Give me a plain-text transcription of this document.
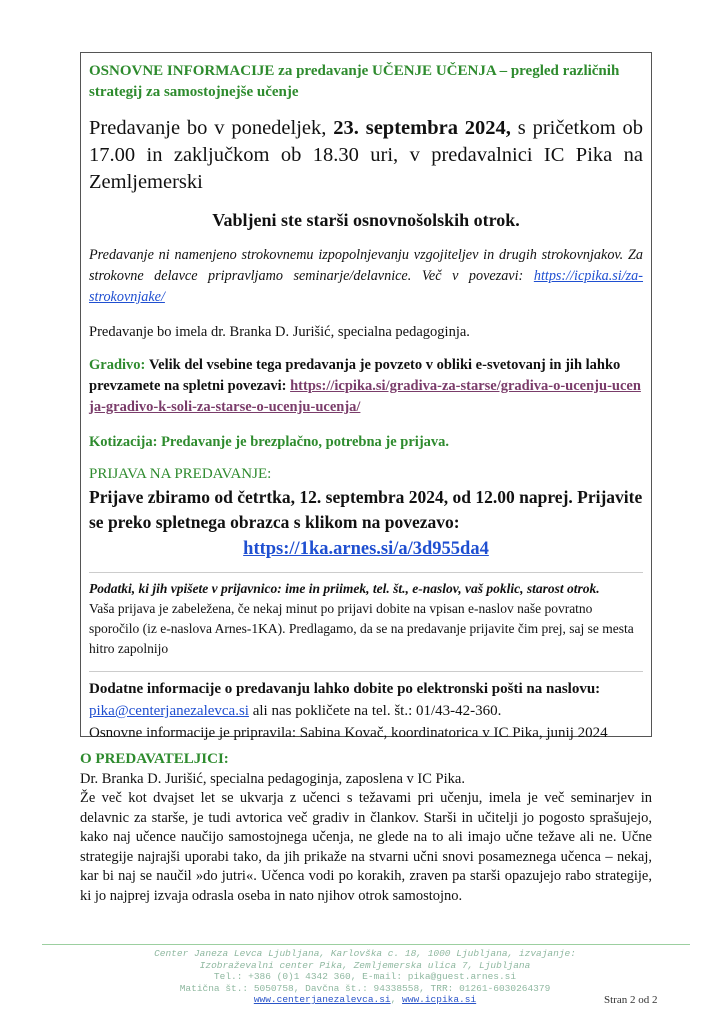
OSNOVNE INFORMACIJE za predavanje UČENJE UČENJA – pregled različnih strategij za samostojnejše učenje

Predavanje bo v ponedeljek, 23. septembra 2024, s pričetkom ob 17.00 in zaključkom ob 18.30 uri, v predavalnici IC Pika na Zemljemerski

Vabljeni ste starši osnovnošolskih otrok.

Predavanje ni namenjeno strokovnemu izpopolnjevanju vzgojiteljev in drugih strokovnjakov. Za strokovne delavce pripravljamo seminarje/delavnice. Več v povezavi: https://icpika.si/za-strokovnjake/

Predavanje bo imela dr. Branka D. Jurišić, specialna pedagoginja.

Gradivo: Velik del vsebine tega predavanja je povzeto v obliki e-svetovanj in jih lahko prevzamete na spletni povezavi: https://icpika.si/gradiva-za-starse/gradiva-o-ucenju-ucenja-gradivo-k-soli-za-starse-o-ucenju-ucenja/

Kotizacija: Predavanje je brezplačno, potrebna je prijava.

PRIJAVA NA PREDAVANJE:

Prijave zbiramo od četrtka, 12. septembra 2024, od 12.00 naprej. Prijavite se preko spletnega obrazca s klikom na povezavo:

https://1ka.arnes.si/a/3d955da4

Podatki, ki jih vpišete v prijavnico: ime in priimek, tel. št., e-naslov, vaš poklic, starost otrok.

Vaša prijava je zabeležena, če nekaj minut po prijavi dobite na vpisan e-naslov naše povratno sporočilo (iz e-naslova Arnes-1KA). Predlagamo, da se na predavanje prijavite čim prej, saj se mesta hitro zapolnijo

Dodatne informacije o predavanju lahko dobite po elektronski pošti na naslovu:

pika@centerjanezalevca.si ali nas pokličete na tel. št.: 01/43-42-360.

Osnovne informacije je pripravila: Sabina Kovač, koordinatorica v IC Pika, junij 2024

O PREDAVATELJICI:

Dr. Branka D. Jurišić, specialna pedagoginja, zaposlena v IC Pika.

Že več kot dvajset let se ukvarja z učenci s težavami pri učenju, imela je več seminarjev in delavnic za starše, je tudi avtorica več gradiv in člankov. Starši in učitelji jo pogosto sprašujejo, kako naj učence naučijo samostojnega učenja, ne glede na to ali imajo učne težave ali ne. Učne strategije najrajši uporabi tako, da jih prikaže na stvarni učni snovi posameznega učenca – nekaj, kar bi naj se naučil »do jutri«. Učenca vodi po korakih, zraven pa starši opazujejo rabo strategije, ki jo najprej izvaja odrasla oseba in nato njihov otrok samostojno.

Center Janeza Levca Ljubljana, Karlovška c. 18, 1000 Ljubljana, izvajanje:
Izobraževalni center Pika, Zemljemerska ulica 7, Ljubljana
Tel.: +386 (0)1 4342 360, E-mail: pika@guest.arnes.si
Matična št.: 5050758, Davčna št.: 94338558, TRR: 01261-6030264379
www.centerjanezalevca.si, www.icpika.si	Stran 2 od 2
